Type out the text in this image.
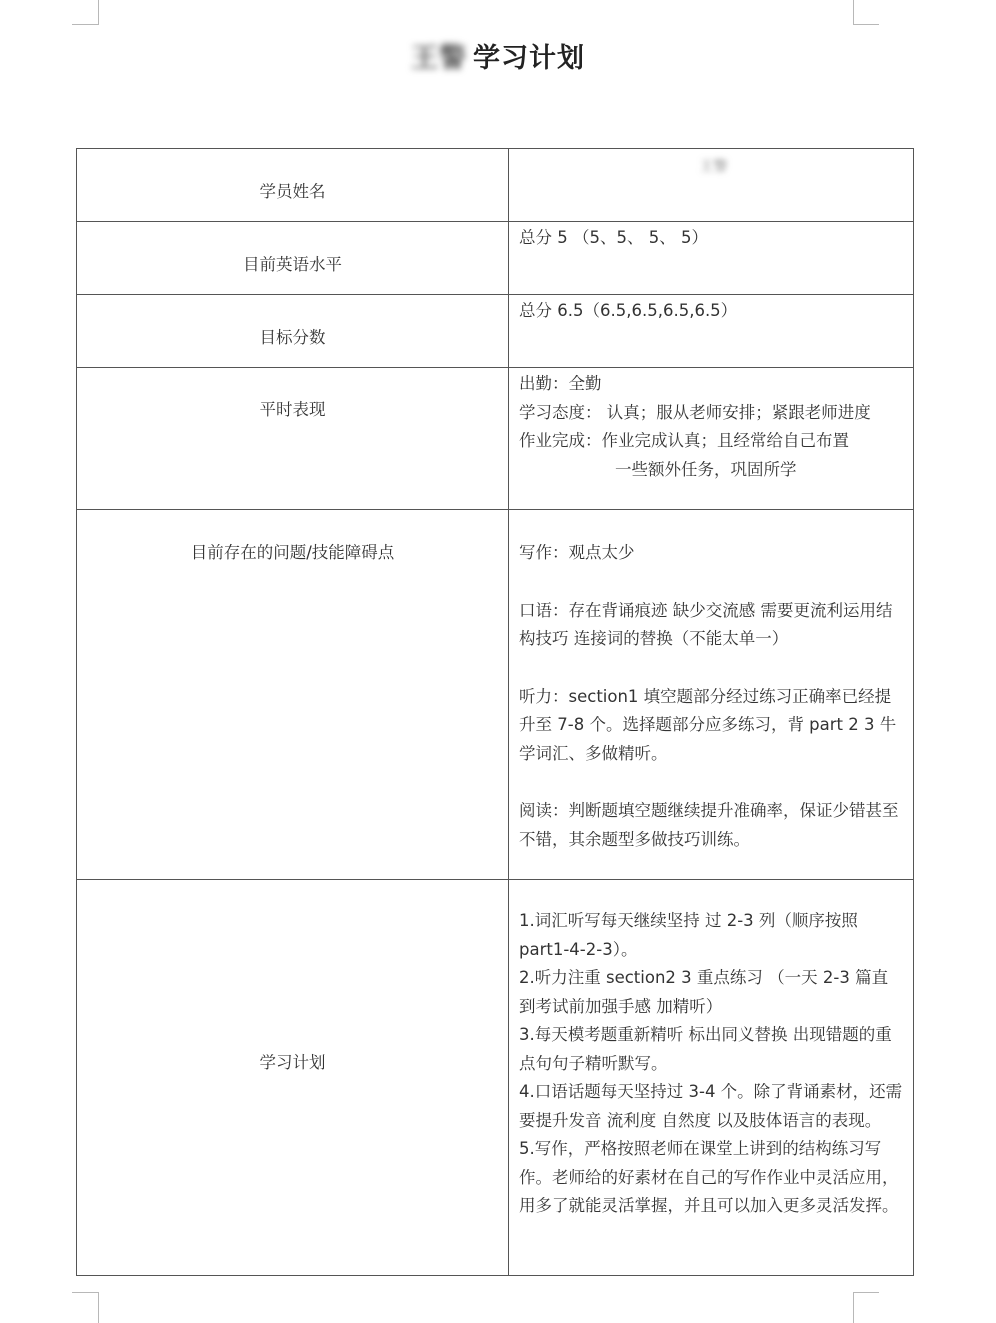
王警 学习计划
学员姓名	王警

目前英语水平	总分 5 （5、5、 5、 5）
目标分数	总分 6.5（6.5,6.5,6.5,6.5）

平时表现	出勤：全勤
学习态度： 认真；服从老师安排；紧跟老师进度
作业完成：作业完成认真；且经常给自己布置
一些额外任务，巩固所学

目前存在的问题/技能障碍点	写作：观点太少
口语：存在背诵痕迹 缺少交流感 需要更流利运用结构技巧 连接词的替换（不能太单一）
听力：section1 填空题部分经过练习正确率已经提升至 7-8 个。选择题部分应多练习，背 part 2 3 牛学词汇、多做精听。
阅读：判断题填空题继续提升准确率，保证少错甚至不错，其余题型多做技巧训练。

学习计划	1.词汇听写每天继续坚持 过 2-3 列（顺序按照 part1-4-2-3）。
2.听力注重 section2 3 重点练习 （一天 2-3 篇直到考试前加强手感 加精听）
3.每天模考题重新精听 标出同义替换 出现错题的重点句句子精听默写。
4.口语话题每天坚持过 3-4 个。除了背诵素材，还需要提升发音 流利度 自然度 以及肢体语言的表现。
5.写作，严格按照老师在课堂上讲到的结构练习写作。老师给的好素材在自己的写作作业中灵活应用，用多了就能灵活掌握，并且可以加入更多灵活发挥。
